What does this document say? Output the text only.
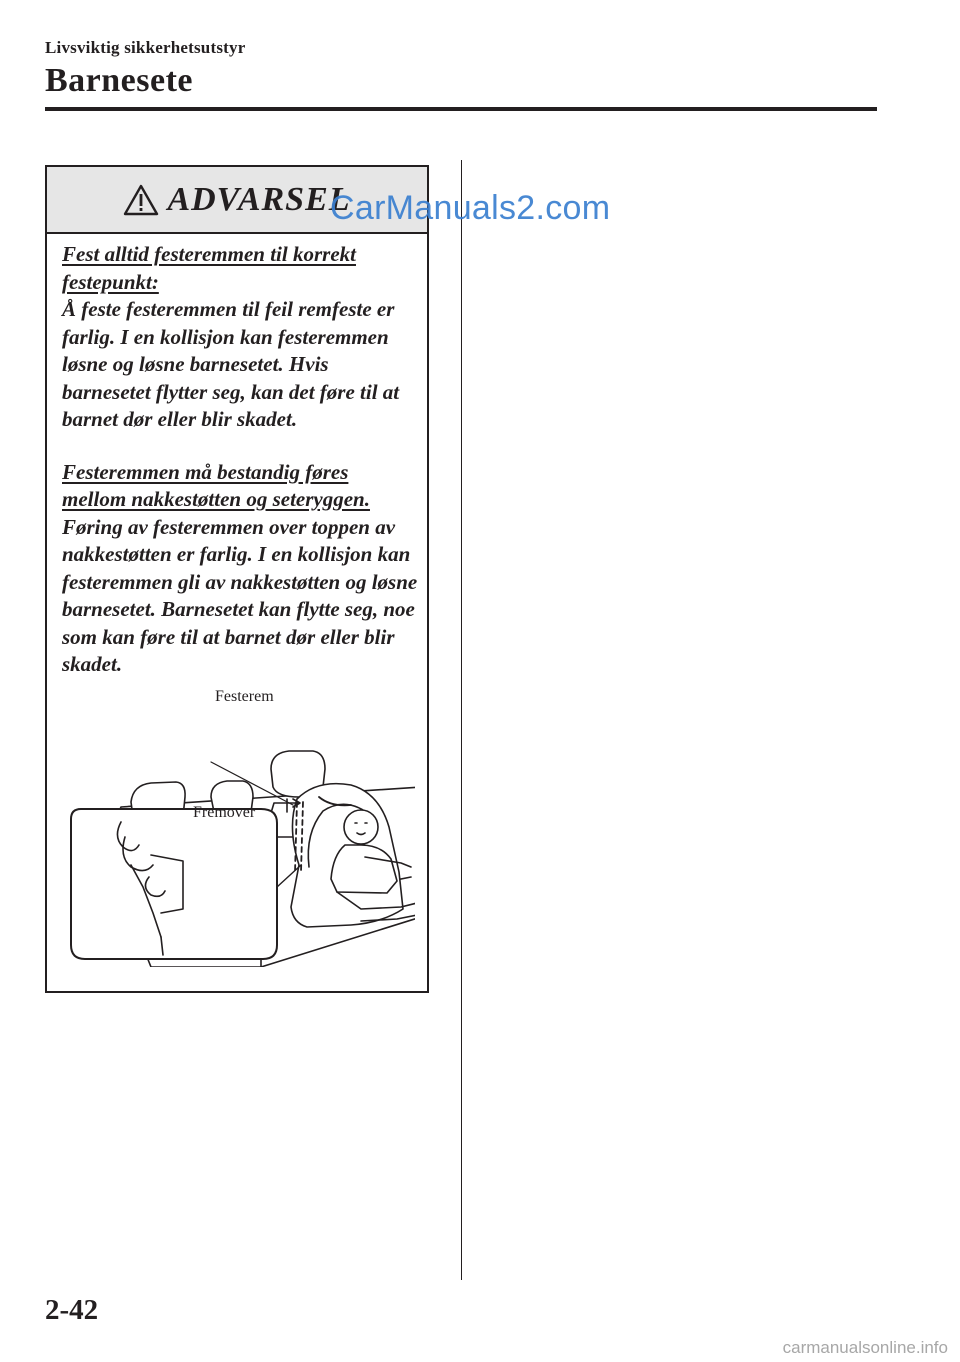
Livsviktig sikkerhetsutstyr
Barnesete
ADVARSEL

Fest alltid festeremmen til korrekt

festepunkt:

Å feste festeremmen til feil remfeste er farlig. I en kollisjon kan festeremmen løsne og løsne barnesetet. Hvis barnesetet flytter seg, kan det føre til at barnet dør eller blir skadet.

Festeremmen må bestandig føres

mellom nakkestøtten og seteryggen.

Føring av festeremmen over toppen av nakkestøtten er farlig. I en kollisjon kan festeremmen gli av nakkestøtten og løsne barnesetet. Barnesetet kan flytte seg, noe som kan føre til at barnet dør eller blir skadet.

Festerem
Fremover
CarManuals2.com
2-42
carmanualsonline.info
